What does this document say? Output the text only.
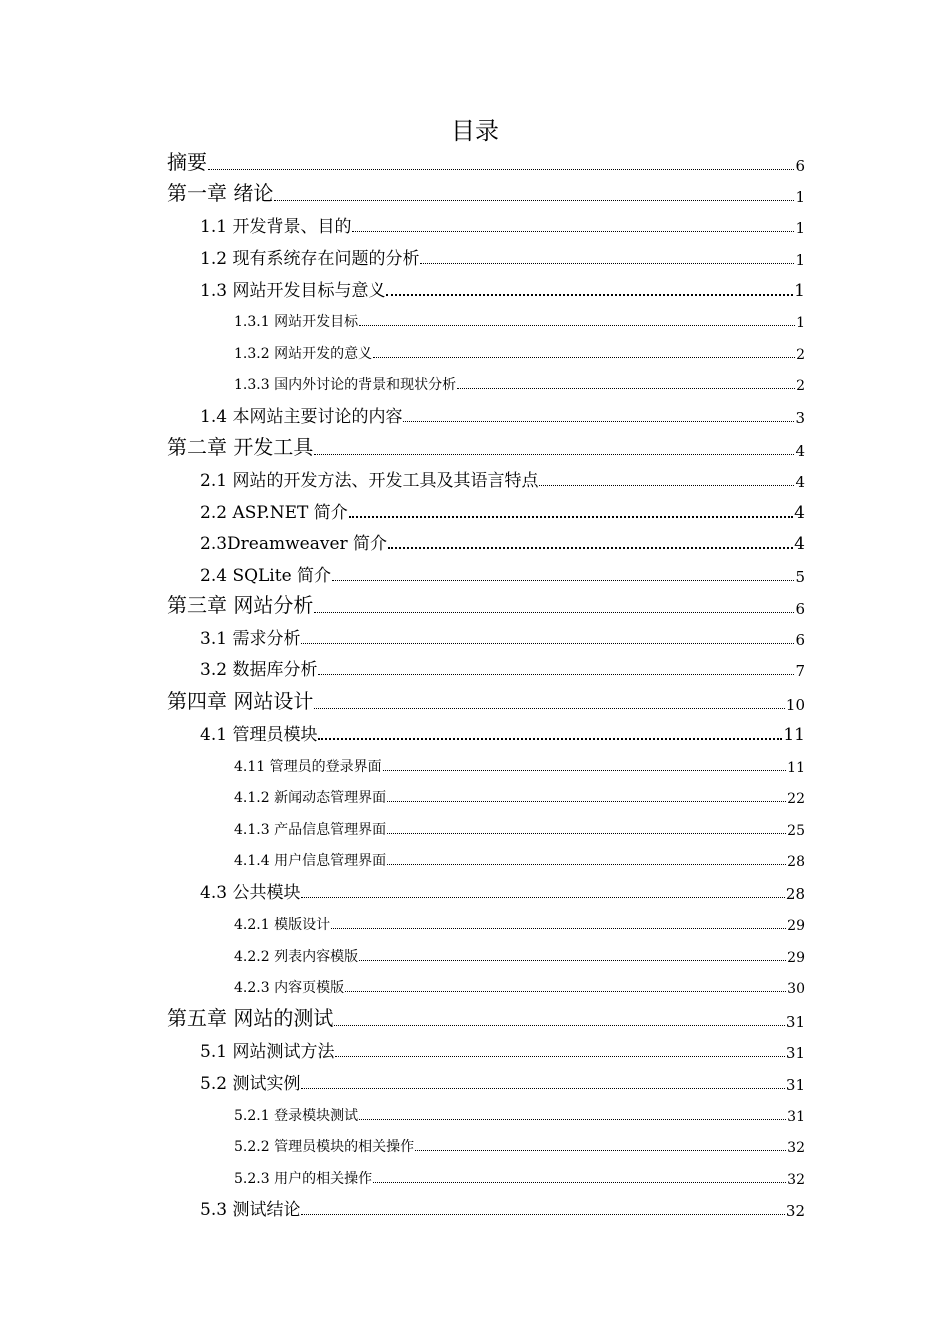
目录
摘要	6
第一章 绪论	1
1.1 开发背景、目的	1
1.2 现有系统存在问题的分析	1
1.3 网站开发目标与意义	1
1.3.1 网站开发目标	1
1.3.2 网站开发的意义	2
1.3.3 国内外讨论的背景和现状分析	2
1.4 本网站主要讨论的内容	3
第二章 开发工具	4
2.1 网站的开发方法、开发工具及其语言特点	4
2.2 ASP.NET 简介	4
2.3Dreamweaver 简介	4
2.4 SQLite 简介	5
第三章 网站分析	6
3.1 需求分析	6
3.2 数据库分析	7
第四章 网站设计	10
4.1 管理员模块	11
4.11 管理员的登录界面	11
4.1.2 新闻动态管理界面	22
4.1.3 产品信息管理界面	25
4.1.4 用户信息管理界面	28
4.3 公共模块	28
4.2.1 模版设计	29
4.2.2 列表内容模版	29
4.2.3 内容页模版	30
第五章 网站的测试	31
5.1 网站测试方法	31
5.2 测试实例	31
5.2.1 登录模块测试	31
5.2.2 管理员模块的相关操作	32
5.2.3 用户的相关操作	32
5.3 测试结论	32
